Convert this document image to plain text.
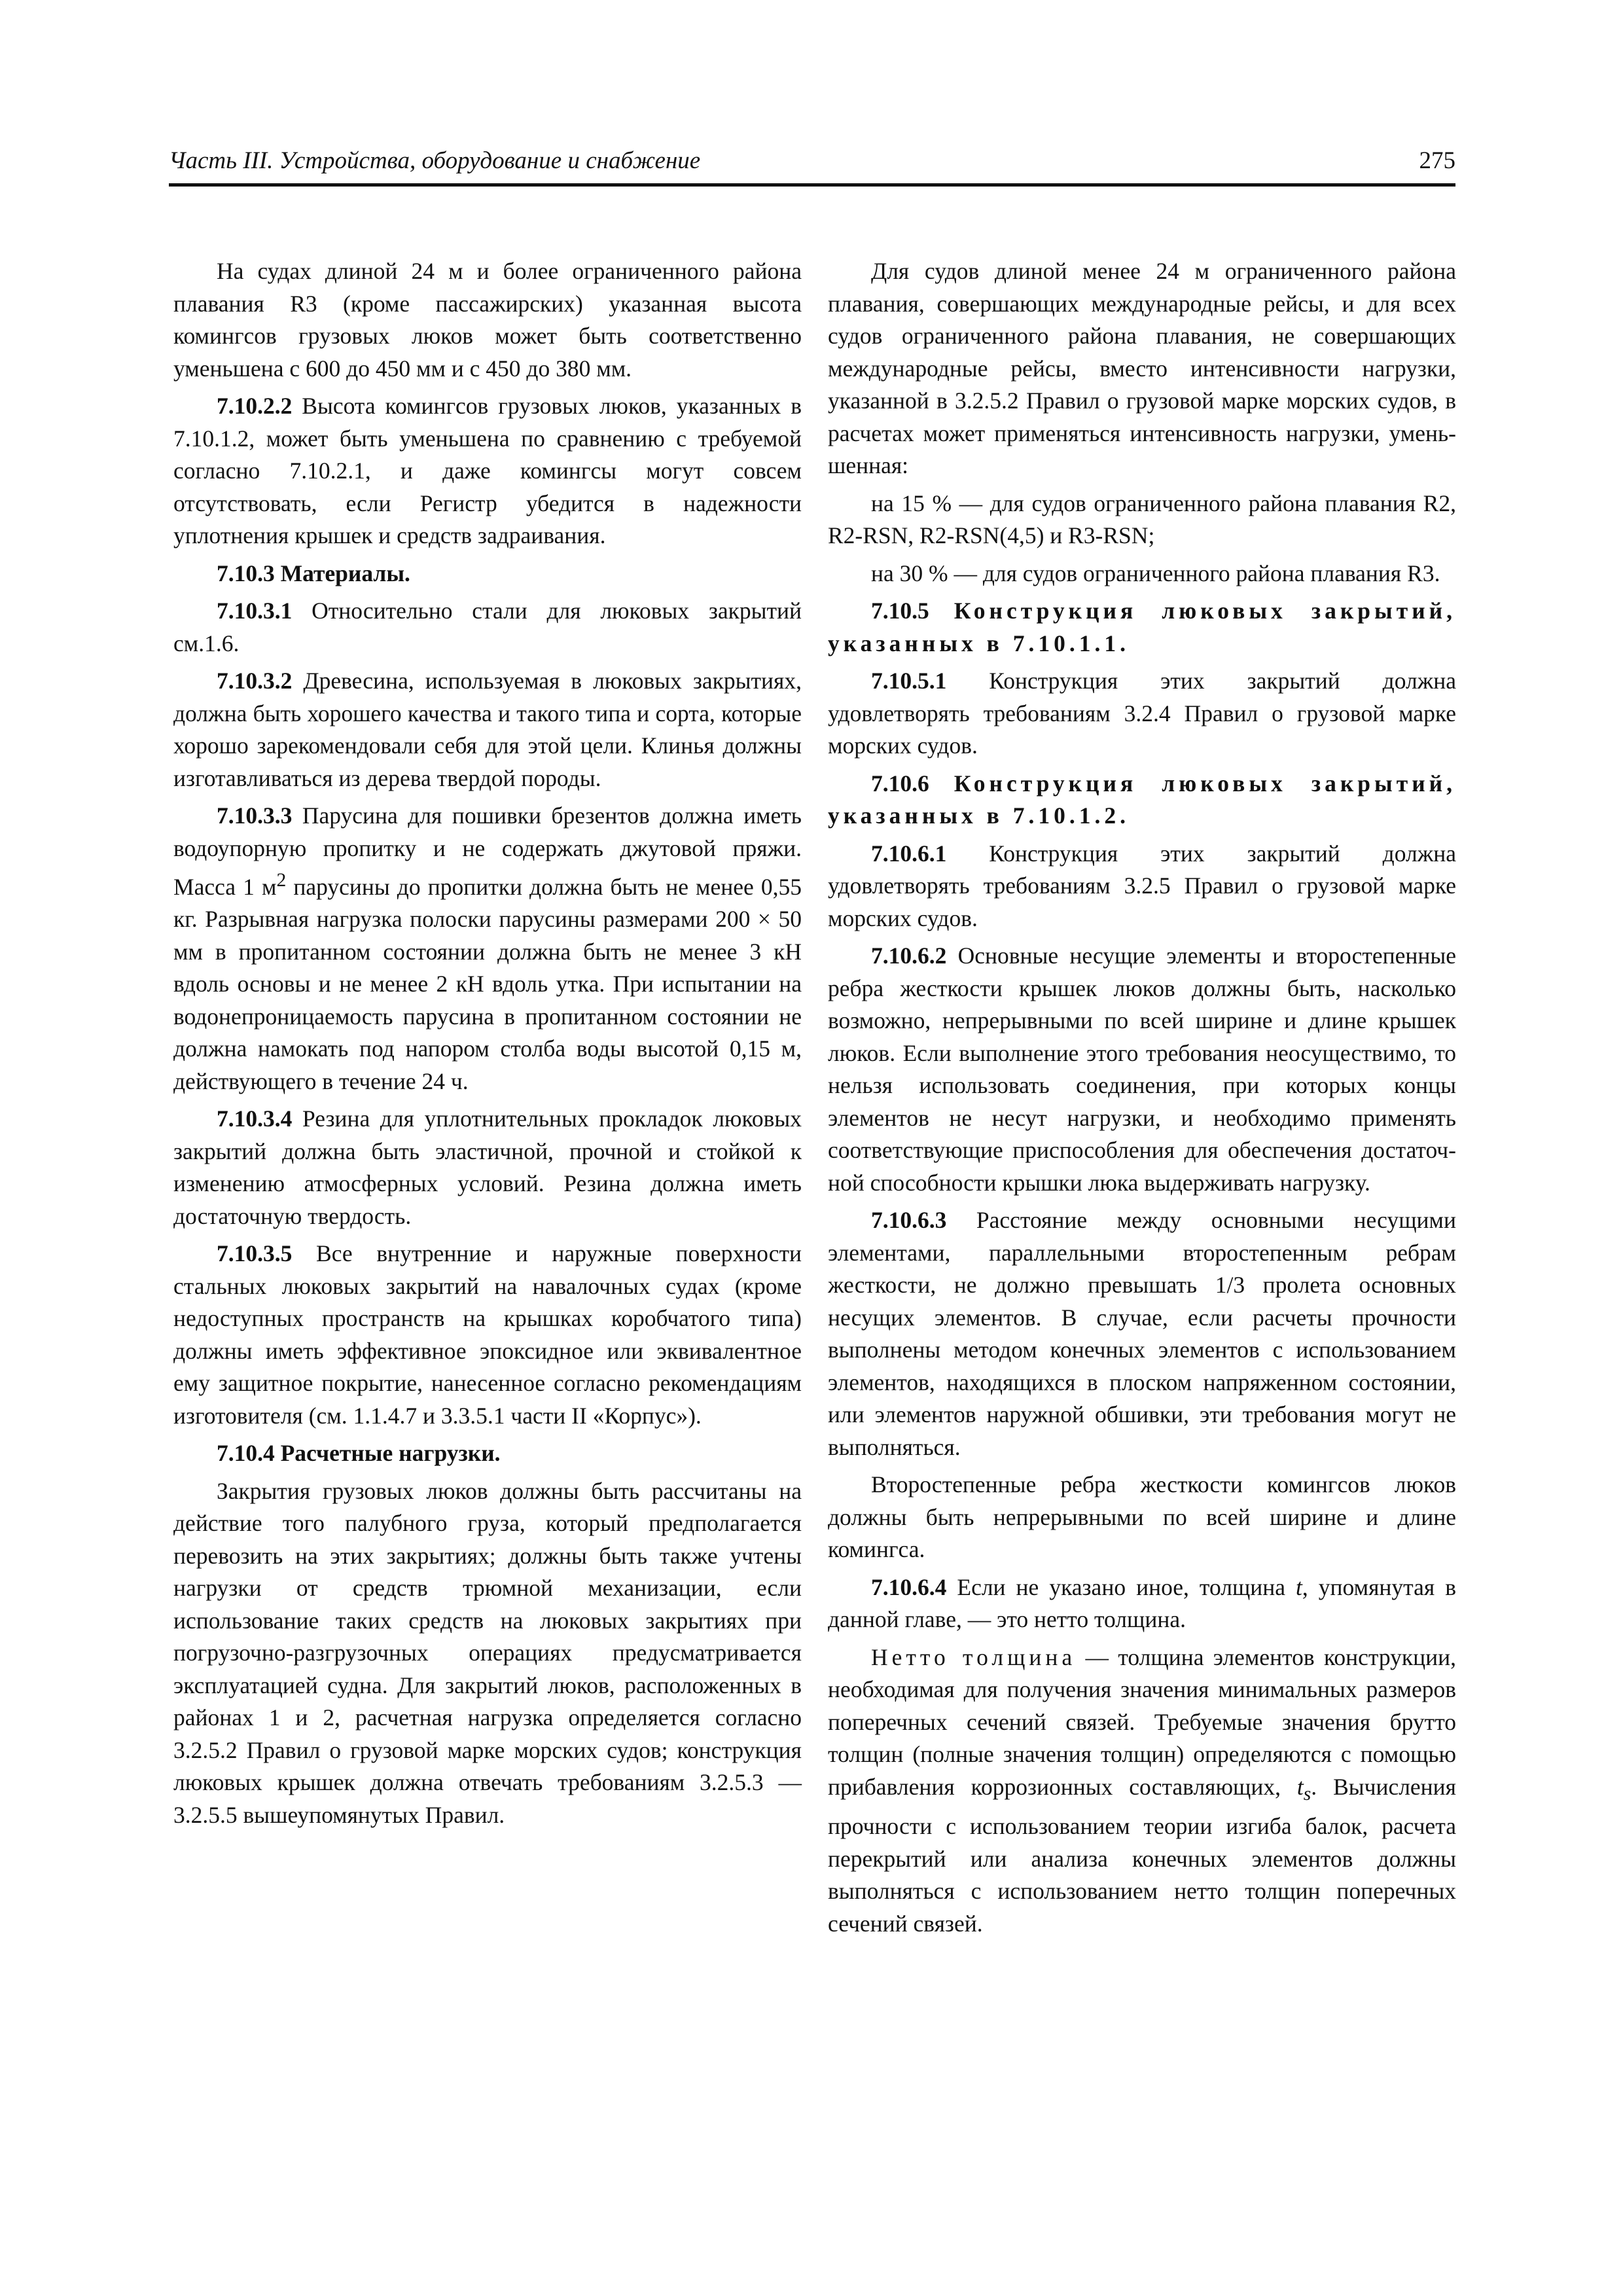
Часть III. Устройства, оборудование и снабжение	275

На судах длиной 24 м и более ограниченного района плавания R3 (кроме пассажирских) указанная высота комингсов грузовых люков может быть соответственно уменьшена с 600 до 450 мм и с 450 до 380 мм.

7.10.2.2 Высота комингсов грузовых люков, указанных в 7.10.1.2, может быть уменьшена по сравнению с требуемой согласно 7.10.2.1, и даже комингсы могут совсем отсутствовать, если Регистр убедится в надежности уплотнения крышек и средств задраивания.

7.10.3 Материалы.

7.10.3.1 Относительно стали для люковых закрытий см.1.6.

7.10.3.2 Древесина, используемая в люковых закрытиях, должна быть хорошего качества и такого типа и сорта, которые хорошо зарекомендовали себя для этой цели. Клинья должны изготавливаться из дерева твердой породы.

7.10.3.3 Парусина для пошивки брезентов должна иметь водоупорную пропитку и не содержать джутовой пряжи. Масса 1 $м^2$ парусины до пропитки должна быть не менее 0,55 кг. Разрывная нагрузка полоски парусины размерами 200 × 50 мм в пропитанном состоянии должна быть не менее 3 кН вдоль основы и не менее 2 кН вдоль утка. При испытании на водонепроницаемость парусина в пропитанном состоянии не должна намокать под напором столба воды высотой 0,15 м, действующего в течение 24 ч.

7.10.3.4 Резина для уплотнительных прокладок люковых закрытий должна быть эластичной, прочной и стойкой к изменению атмосферных условий. Резина должна иметь достаточную твердость.

7.10.3.5 Все внутренние и наружные поверхности стальных люковых закрытий на навалочных судах (кроме недоступных пространств на крышках коробчатого типа) должны иметь эффективное эпоксидное или эквивалентное ему защитное покрытие, нанесенное согласно рекомендациям изготовителя (см. 1.1.4.7 и 3.3.5.1 части II «Корпус»).

7.10.4 Расчетные нагрузки.

Закрытия грузовых люков должны быть рассчитаны на действие того палубного груза, который предполагается перевозить на этих закрытиях; должны быть также учтены нагрузки от средств трюмной механизации, если использование таких средств на люковых закрытиях при погрузочно-разгрузочных операциях предусматривается эксплуатацией судна. Для закрытий люков, расположенных в районах 1 и 2, расчетная нагрузка определяется согласно 3.2.5.2 Правил о грузовой марке морских судов; конструкция люковых крышек должна отвечать требованиям 3.2.5.3 — 3.2.5.5 вышеупомянутых Правил.

Для судов длиной менее 24 м ограниченного района плавания, совершающих международные рейсы, и для всех судов ограниченного района плавания, не совершающих международные рейсы, вместо интенсивности нагрузки, указанной в 3.2.5.2 Правил о грузовой марке морских судов, в расчетах может применяться интенсивность нагрузки, уменьшенная:

на 15 % — для судов ограниченного района плавания R2, R2-RSN, R2-RSN(4,5) и R3-RSN;

на 30 % — для судов ограниченного района плавания R3.

7.10.5 Конструкция люковых закрытий, указанных в 7.10.1.1.

7.10.5.1 Конструкция этих закрытий должна удовлетворять требованиям 3.2.4 Правил о грузовой марке морских судов.

7.10.6 Конструкция люковых закрытий, указанных в 7.10.1.2.

7.10.6.1 Конструкция этих закрытий должна удовлетворять требованиям 3.2.5 Правил о грузовой марке морских судов.

7.10.6.2 Основные несущие элементы и второстепенные ребра жесткости крышек люков должны быть, насколько возможно, непрерывными по всей ширине и длине крышек люков. Если выполнение этого требования неосуществимо, то нельзя использовать соединения, при которых концы элементов не несут нагрузки, и необходимо применять соответствующие приспособления для обеспечения достаточной способности крышки люка выдерживать нагрузку.

7.10.6.3 Расстояние между основными несущими элементами, параллельными второстепенным ребрам жесткости, не должно превышать 1/3 пролета основных несущих элементов. В случае, если расчеты прочности выполнены методом конечных элементов с использованием элементов, находящихся в плоском напряженном состоянии, или элементов наружной обшивки, эти требования могут не выполняться.

Второстепенные ребра жесткости комингсов люков должны быть непрерывными по всей ширине и длине комингса.

7.10.6.4 Если не указано иное, толщина t, упомянутая в данной главе, — это нетто толщина.

Нетто толщина — толщина элементов конструкции, необходимая для получения значения минимальных размеров поперечных сечений связей. Требуемые значения брутто толщин (полные значения толщин) определяются с помощью прибавления коррозионных составляющих, $t_s$. Вычисления прочности с использованием теории изгиба балок, расчета перекрытий или анализа конечных элементов должны выполняться с использованием нетто толщин поперечных сечений связей.
